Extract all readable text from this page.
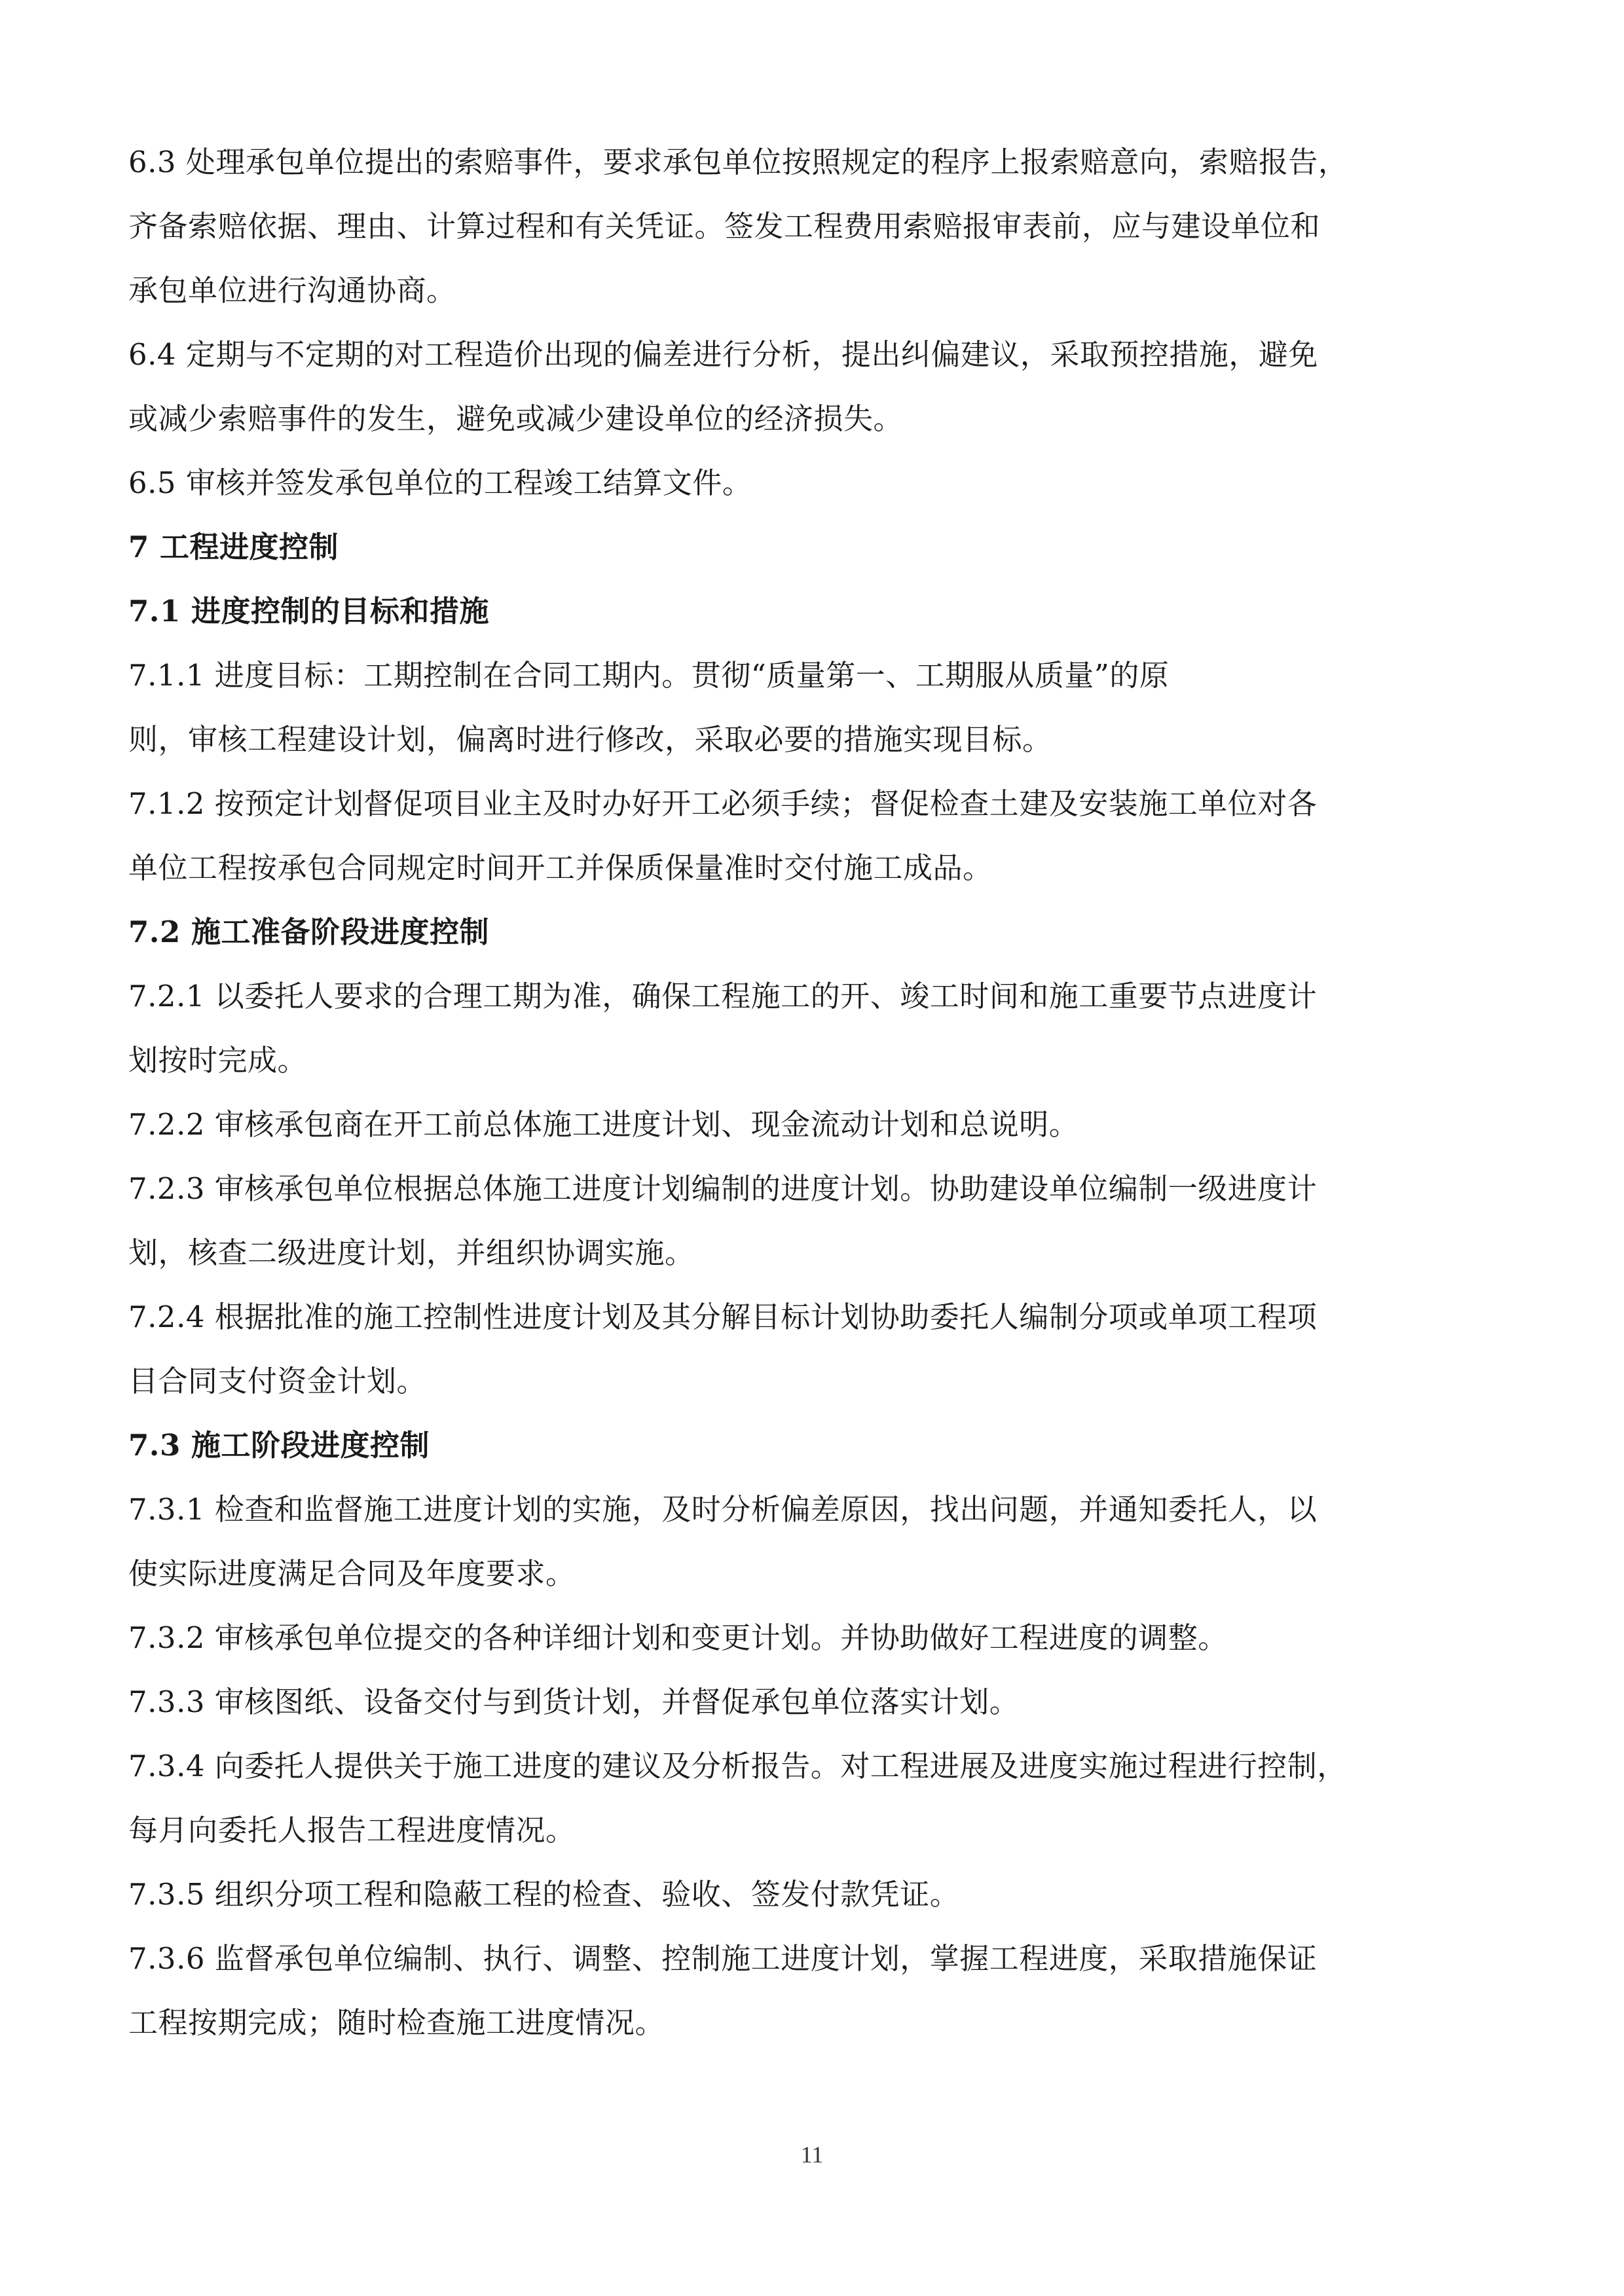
6.3 处理承包单位提出的索赔事件，要求承包单位按照规定的程序上报索赔意向，索赔报告，
齐备索赔依据、理由、计算过程和有关凭证。签发工程费用索赔报审表前，应与建设单位和
承包单位进行沟通协商。
6.4 定期与不定期的对工程造价出现的偏差进行分析，提出纠偏建议，采取预控措施，避免
或减少索赔事件的发生，避免或减少建设单位的经济损失。
6.5 审核并签发承包单位的工程竣工结算文件。
7 工程进度控制
7.1 进度控制的目标和措施
7.1.1 进度目标：工期控制在合同工期内。贯彻“质量第一、工期服从质量”的原
则，审核工程建设计划，偏离时进行修改，采取必要的措施实现目标。
7.1.2 按预定计划督促项目业主及时办好开工必须手续；督促检查土建及安装施工单位对各
单位工程按承包合同规定时间开工并保质保量准时交付施工成品。
7.2 施工准备阶段进度控制
7.2.1 以委托人要求的合理工期为准，确保工程施工的开、竣工时间和施工重要节点进度计
划按时完成。
7.2.2 审核承包商在开工前总体施工进度计划、现金流动计划和总说明。
7.2.3 审核承包单位根据总体施工进度计划编制的进度计划。协助建设单位编制一级进度计
划，核查二级进度计划，并组织协调实施。
7.2.4 根据批准的施工控制性进度计划及其分解目标计划协助委托人编制分项或单项工程项
目合同支付资金计划。
7.3 施工阶段进度控制
7.3.1 检查和监督施工进度计划的实施，及时分析偏差原因，找出问题，并通知委托人，以
使实际进度满足合同及年度要求。
7.3.2 审核承包单位提交的各种详细计划和变更计划。并协助做好工程进度的调整。
7.3.3 审核图纸、设备交付与到货计划，并督促承包单位落实计划。
7.3.4 向委托人提供关于施工进度的建议及分析报告。对工程进展及进度实施过程进行控制，
每月向委托人报告工程进度情况。
7.3.5 组织分项工程和隐蔽工程的检查、验收、签发付款凭证。
7.3.6 监督承包单位编制、执行、调整、控制施工进度计划，掌握工程进度，采取措施保证
工程按期完成；随时检查施工进度情况。
11
